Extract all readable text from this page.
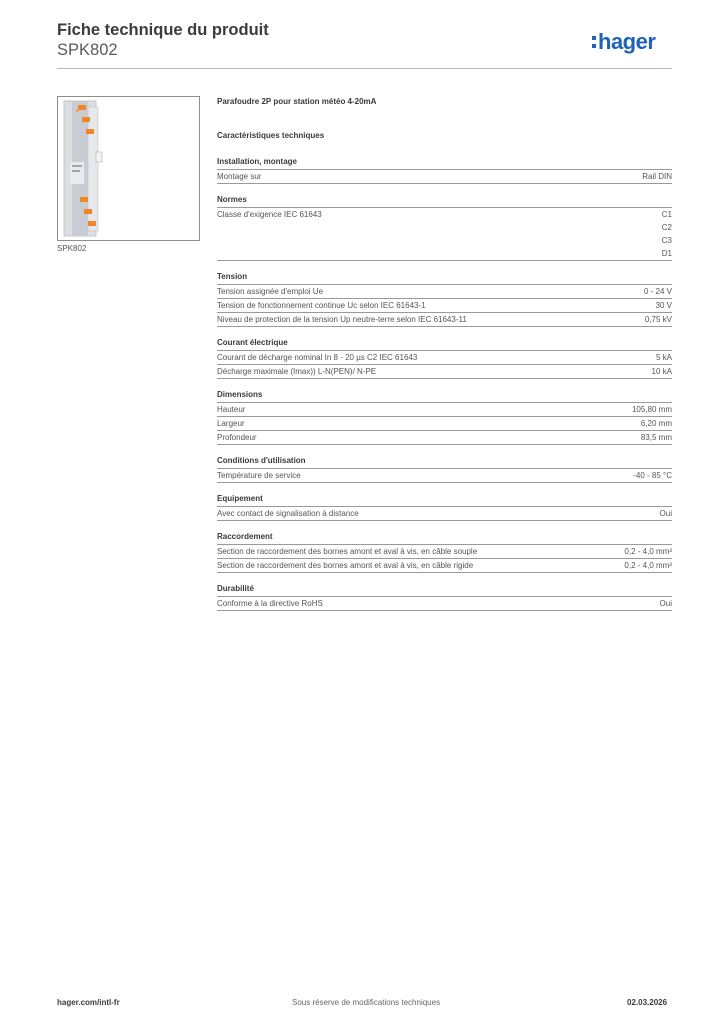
Fiche technique du produit
SPK802	hager
SPK802
Parafoudre 2P pour station météo 4-20mA
Caractéristiques techniques
Installation, montage
Montage sur	Rail DIN
Normes
Classe d'exigence IEC 61643	C1
C2
C3
D1
Tension
Tension assignée d'emploi Ue	0 - 24 V
Tension de fonctionnement continue Uc selon IEC 61643-1	30 V
Niveau de protection de la tension Up neutre-terre selon IEC 61643-11	0,75 kV
Courant électrique
Courant de décharge nominal In 8 - 20 µs C2 IEC 61643	5 kA
Décharge maximale (Imax)) L-N(PEN)/ N-PE	10 kA
Dimensions
Hauteur	105,80 mm
Largeur	6,20 mm
Profondeur	83,5 mm
Conditions d'utilisation
Température de service	-40 - 85 °C
Equipement
Avec contact de signalisation à distance	Oui
Raccordement
Section de raccordement des bornes amont et aval à vis, en câble souple	0,2 - 4,0 mm²
Section de raccordement des bornes amont et aval à vis, en câble rigide	0,2 - 4,0 mm²
Durabilité
Conforme à la directive RoHS	Oui
hager.com/intl-fr	Sous réserve de modifications techniques	02.03.2026
